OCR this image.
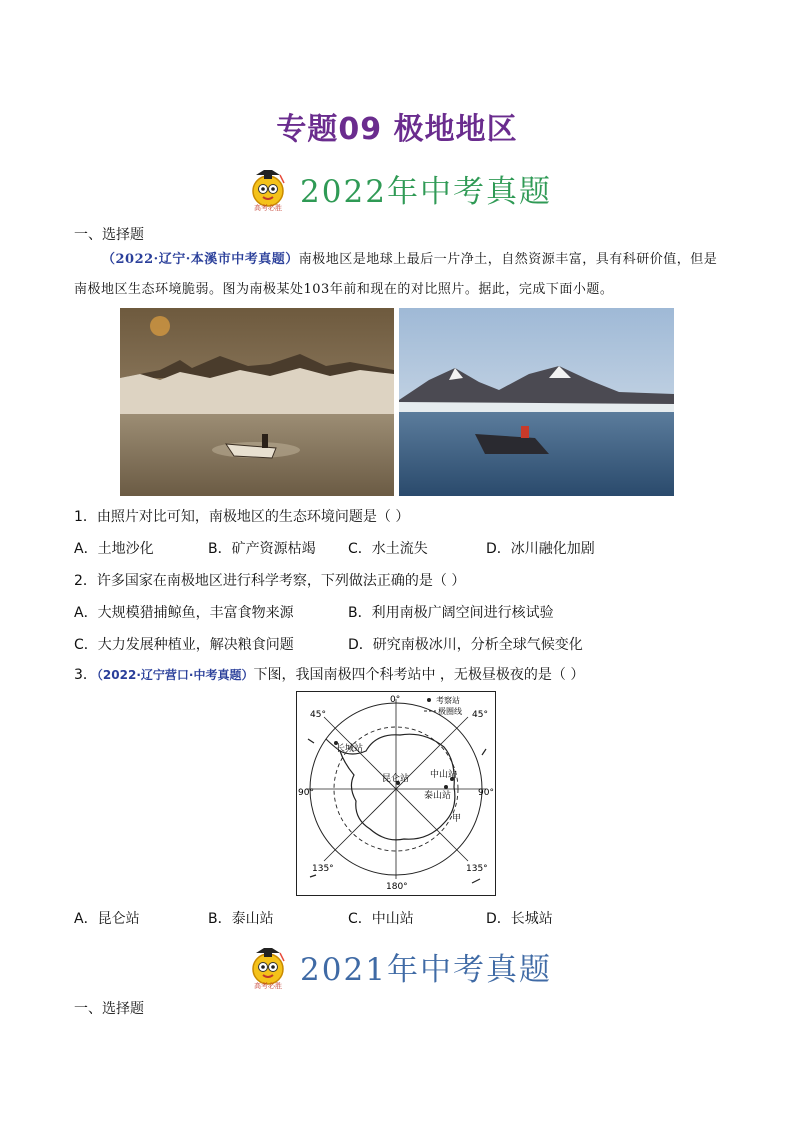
专题09 极地地区
高考必胜 2022年中考真题
一、选择题
（2022·辽宁·本溪市中考真题）南极地区是地球上最后一片净土，自然资源丰富，具有科研价值，但是
南极地区生态环境脆弱。图为南极某处103年前和现在的对比照片。据此，完成下面小题。
1．由照片对比可知，南极地区的生态环境问题是（ ）
A．土地沙化	B．矿产资源枯竭 C．水土流失	D．冰川融化加剧
2．许多国家在南极地区进行科学考察，下列做法正确的是（ ）
A．大规模猎捕鲸鱼，丰富食物来源	B．利用南极广阔空间进行核试验
C．大力发展种植业，解决粮食问题	D．研究南极冰川，分析全球气候变化
3．（2022·辽宁营口·中考真题）下图，我国南极四个科考站中 ，无极昼极夜的是（ ）
0°
45°	45°
90°	90°
135°	135°
180°
考察站
极圈线
长城站
昆仑站 中山站
泰山站
甲
A．昆仑站	B．泰山站	C．中山站	D．长城站
高考必胜 2021年中考真题
一、选择题
